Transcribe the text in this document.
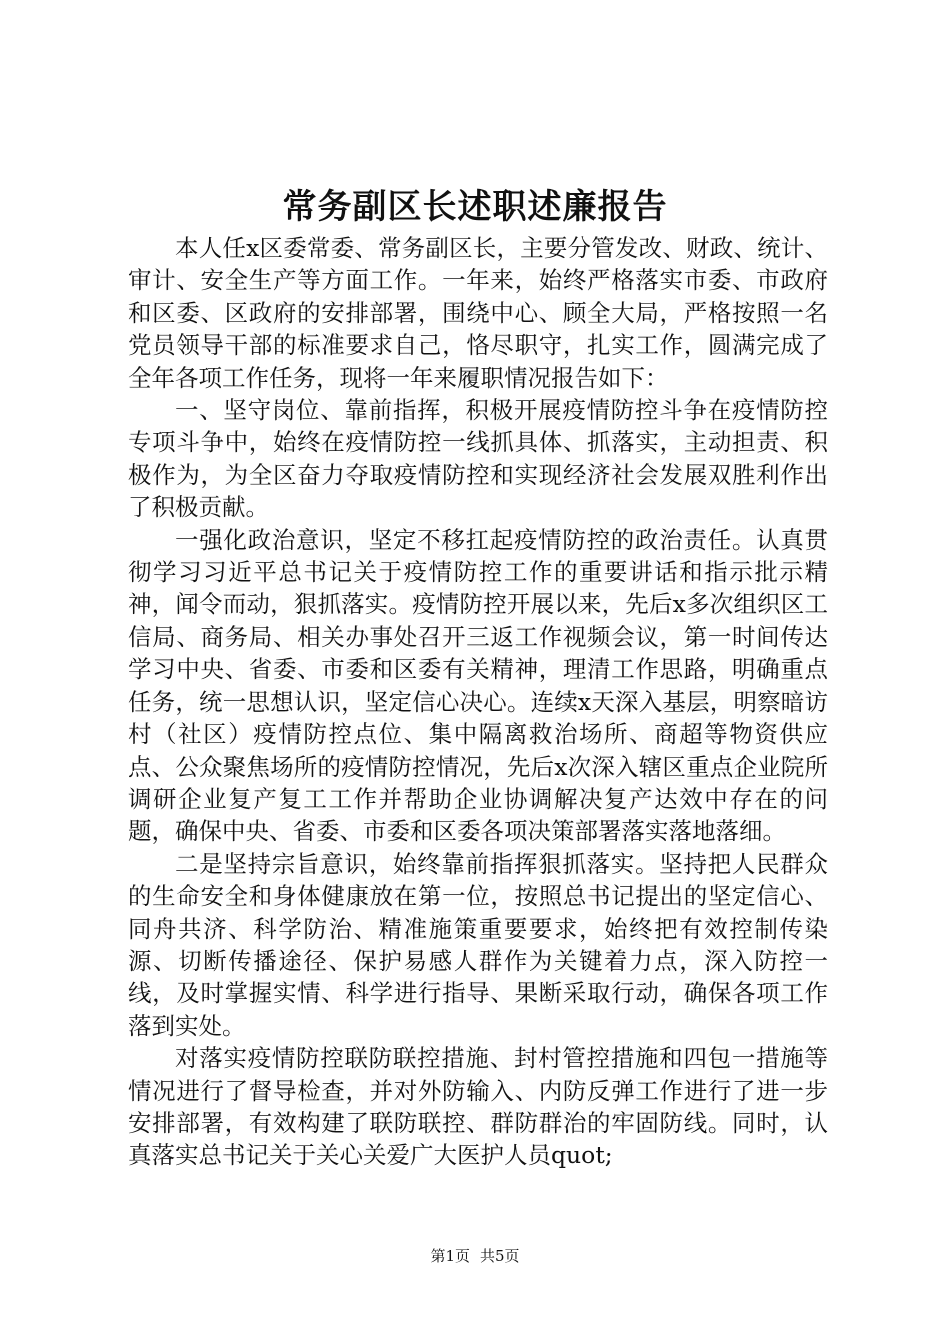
常务副区长述职述廉报告

本人任x区委常委、常务副区长，主要分管发改、财政、统计、审计、安全生产等方面工作。一年来，始终严格落实市委、市政府和区委、区政府的安排部署，围绕中心、顾全大局，严格按照一名党员领导干部的标准要求自己，恪尽职守，扎实工作，圆满完成了全年各项工作任务，现将一年来履职情况报告如下：

一、坚守岗位、靠前指挥，积极开展疫情防控斗争在疫情防控专项斗争中，始终在疫情防控一线抓具体、抓落实，主动担责、积极作为，为全区奋力夺取疫情防控和实现经济社会发展双胜利作出了积极贡献。

一强化政治意识，坚定不移扛起疫情防控的政治责任。认真贯彻学习习近平总书记关于疫情防控工作的重要讲话和指示批示精神，闻令而动，狠抓落实。疫情防控开展以来，先后x多次组织区工信局、商务局、相关办事处召开三返工作视频会议，第一时间传达学习中央、省委、市委和区委有关精神，理清工作思路，明确重点任务，统一思想认识，坚定信心决心。连续x天深入基层，明察暗访村（社区）疫情防控点位、集中隔离救治场所、商超等物资供应点、公众聚焦场所的疫情防控情况，先后x次深入辖区重点企业院所调研企业复产复工工作并帮助企业协调解决复产达效中存在的问题，确保中央、省委、市委和区委各项决策部署落实落地落细。

二是坚持宗旨意识，始终靠前指挥狠抓落实。坚持把人民群众的生命安全和身体健康放在第一位，按照总书记提出的坚定信心、同舟共济、科学防治、精准施策重要要求，始终把有效控制传染源、切断传播途径、保护易感人群作为关键着力点，深入防控一线，及时掌握实情、科学进行指导、果断采取行动，确保各项工作落到实处。

对落实疫情防控联防联控措施、封村管控措施和四包一措施等情况进行了督导检查，并对外防输入、内防反弹工作进行了进一步安排部署，有效构建了联防联控、群防群治的牢固防线。同时，认真落实总书记关于关心关爱广大医护人员quot;

第1页 共5页
